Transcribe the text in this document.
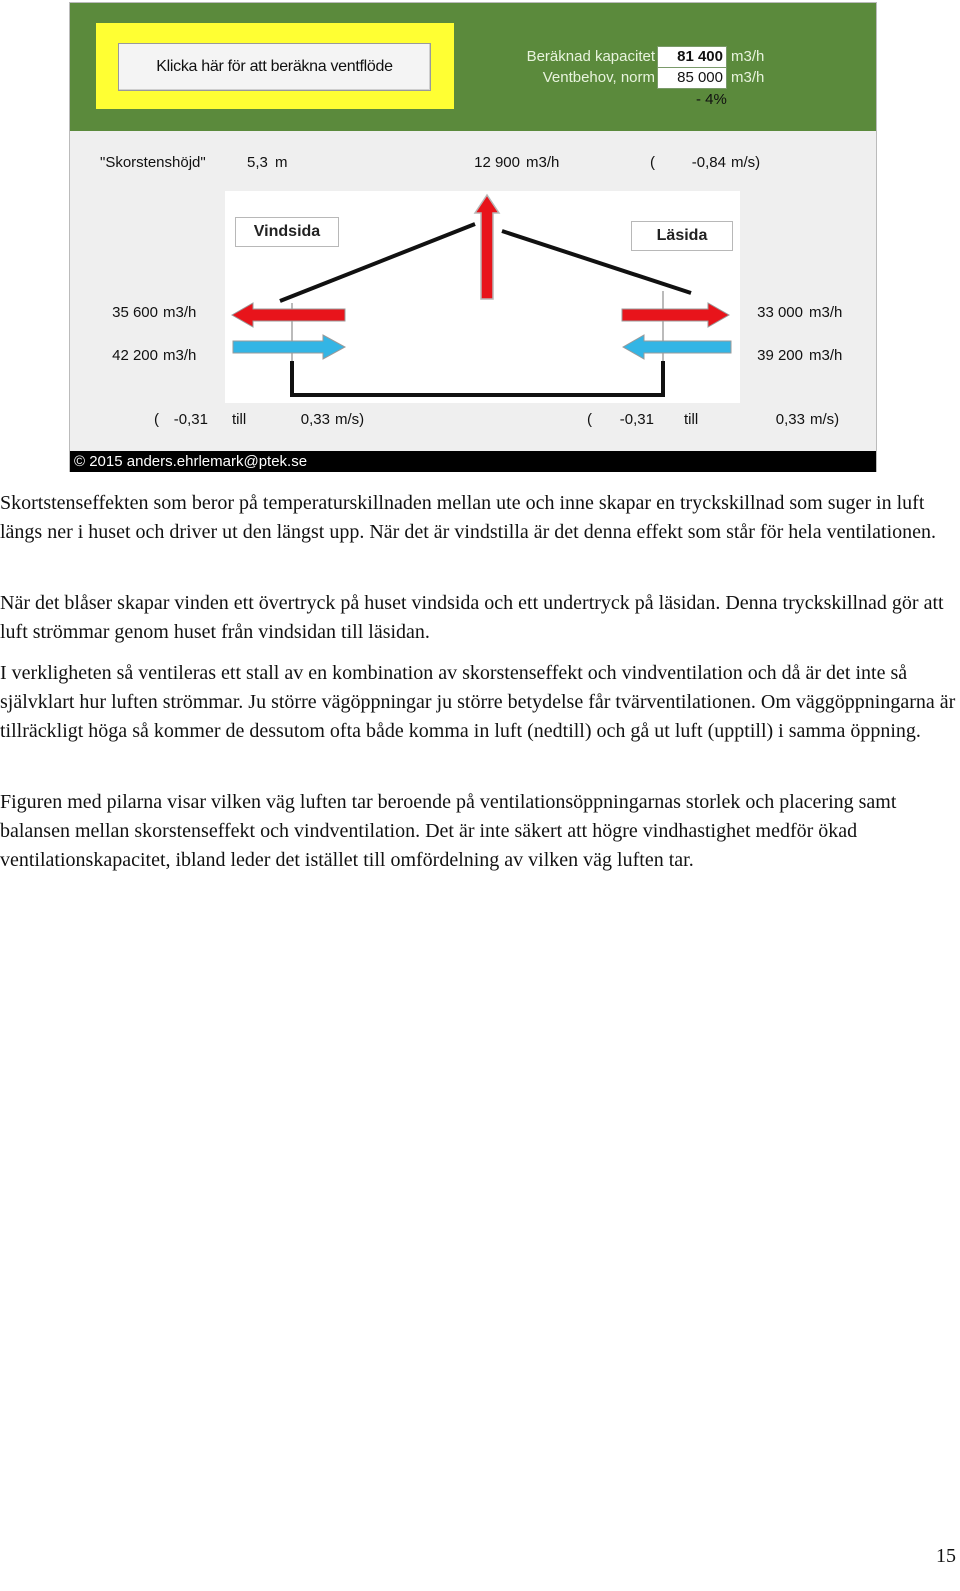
Klicka här för att beräkna ventflöde
Beräknad kapacitet	81 400 m3/h
Ventbehov, norm	85 000 m3/h
- 4%
"Skorstenshöjd"	5,3 m	12 900 m3/h	(	-0,84 m/s)
Vindsida	Läsida
35 600 m3/h
42 200 m3/h
33 000 m3/h
39 200 m3/h
( -0,31 till	0,33 m/s)	(	-0,31 till	0,33 m/s)
© 2015 anders.ehrlemark@ptek.se

Skortstenseffekten som beror på temperaturskillnaden mellan ute och inne skapar en tryckskillnad som suger in luft längs ner i huset och driver ut den längst upp. När det är vindstilla är det denna effekt som står för hela ventilationen.

När det blåser skapar vinden ett övertryck på huset vindsida och ett undertryck på läsidan. Denna tryckskillnad gör att luft strömmar genom huset från vindsidan till läsidan.

I verkligheten så ventileras ett stall av en kombination av skorstenseffekt och vindventilation och då är det inte så självklart hur luften strömmar. Ju större vägöppningar ju större betydelse får tvärventilationen. Om väggöppningarna är tillräckligt höga så kommer de dessutom ofta både komma in luft (nedtill) och gå ut luft (upptill) i samma öppning.

Figuren med pilarna visar vilken väg luften tar beroende på ventilationsöppningarnas storlek och placering samt balansen mellan skorstenseffekt och vindventilation. Det är inte säkert att högre vindhastighet medför ökad ventilationskapacitet, ibland leder det istället till omfördelning av vilken väg luften tar.

15
